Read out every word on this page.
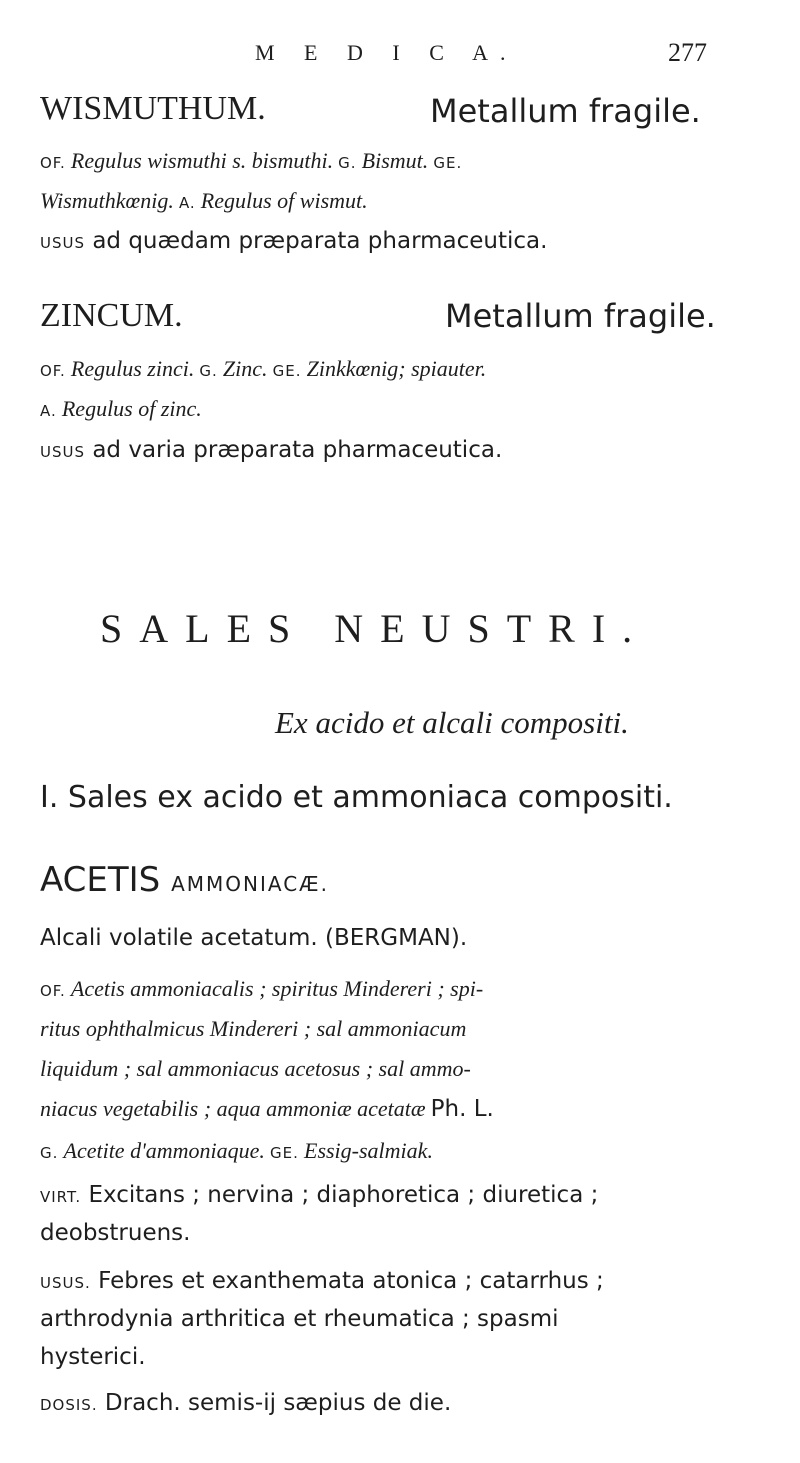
M E D I C A.	277
WISMUTHUM.	Metallum fragile.
OF. Regulus wismuthi s. bismuthi. G. Bismut. GE.
Wismuthkœnig. A. Regulus of wismut.
USUS ad quædam præparata pharmaceutica.
ZINCUM.	Metallum fragile.
OF. Regulus zinci. G. Zinc. GE. Zinkkœnig; spiauter.
A. Regulus of zinc.
USUS ad varia præparata pharmaceutica.
SALES NEUSTRI.
Ex acido et alcali compositi.
I. Sales ex acido et ammoniaca compositi.
ACETIS AMMONIACÆ.
Alcali volatile acetatum. (BERGMAN).
OF. Acetis ammoniacalis ; spiritus Mindereri ; spi-
ritus ophthalmicus Mindereri ; sal ammoniacum
liquidum ; sal ammoniacus acetosus ; sal ammo-
niacus vegetabilis ; aqua ammoniæ acetatæ Ph. L.
G. Acetite d'ammoniaque. GE. Essig-salmiak.
VIRT. Excitans ; nervina ; diaphoretica ; diuretica ;
deobstruens.
USUS. Febres et exanthemata atonica ; catarrhus ;
arthrodynia arthritica et rheumatica ; spasmi
hysterici.
DOSIS. Drach. semis-ij sæpius de die.
